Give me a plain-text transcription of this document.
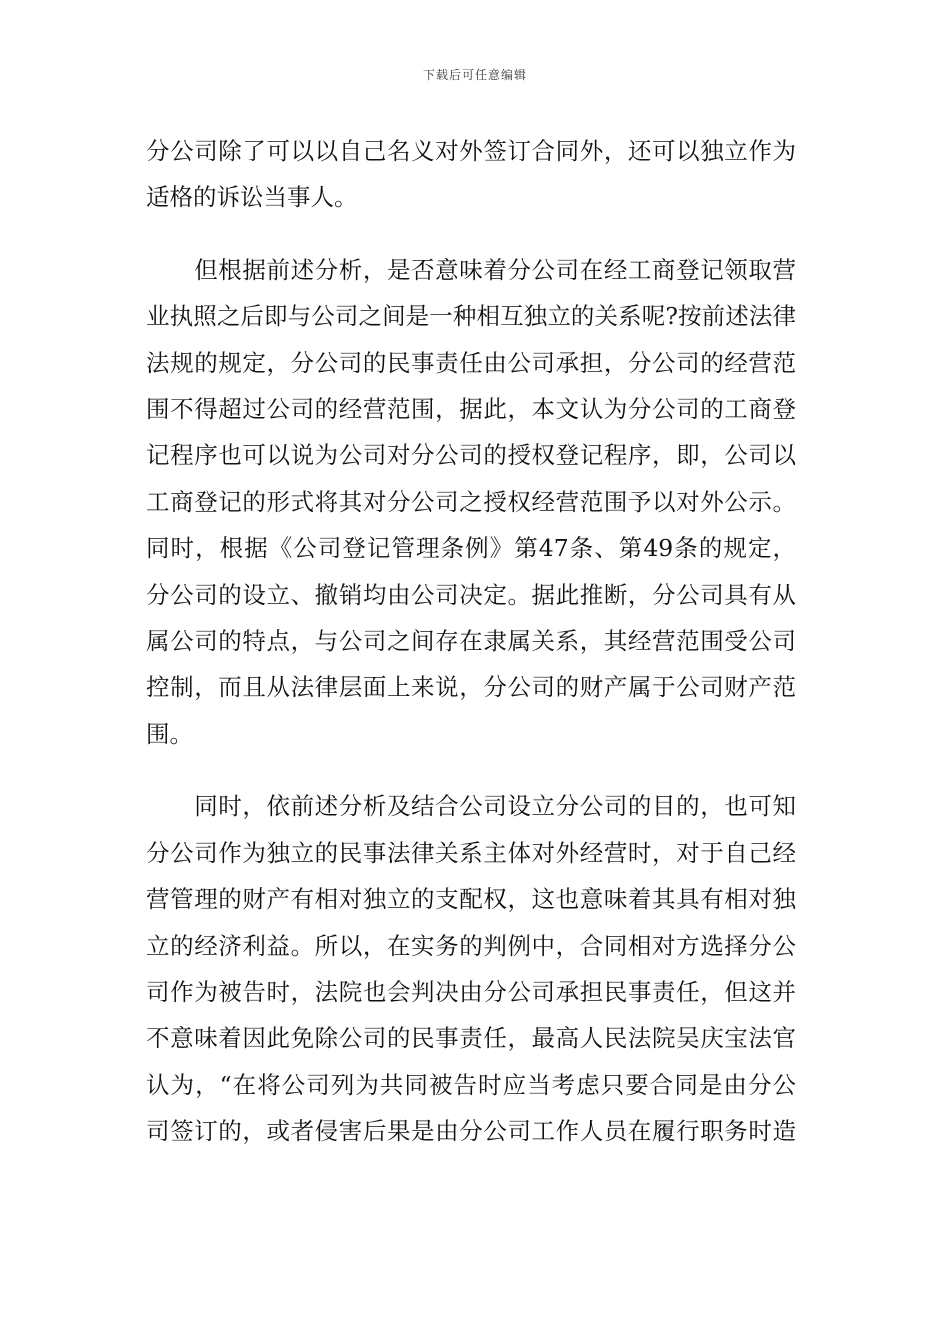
下载后可任意编辑

分公司除了可以以自己名义对外签订合同外，还可以独立作为
适格的诉讼当事人。

　　但根据前述分析，是否意味着分公司在经工商登记领取营
业执照之后即与公司之间是一种相互独立的关系呢?按前述法律
法规的规定，分公司的民事责任由公司承担，分公司的经营范
围不得超过公司的经营范围，据此，本文认为分公司的工商登
记程序也可以说为公司对分公司的授权登记程序，即，公司以
工商登记的形式将其对分公司之授权经营范围予以对外公示。
同时，根据《公司登记管理条例》第47条、第49条的规定，
分公司的设立、撤销均由公司决定。据此推断，分公司具有从
属公司的特点，与公司之间存在隶属关系，其经营范围受公司
控制，而且从法律层面上来说，分公司的财产属于公司财产范
围。

　　同时，依前述分析及结合公司设立分公司的目的，也可知
分公司作为独立的民事法律关系主体对外经营时，对于自己经
营管理的财产有相对独立的支配权，这也意味着其具有相对独
立的经济利益。所以，在实务的判例中，合同相对方选择分公
司作为被告时，法院也会判决由分公司承担民事责任，但这并
不意味着因此免除公司的民事责任，最高人民法院吴庆宝法官
认为，“在将公司列为共同被告时应当考虑只要合同是由分公
司签订的，或者侵害后果是由分公司工作人员在履行职务时造
